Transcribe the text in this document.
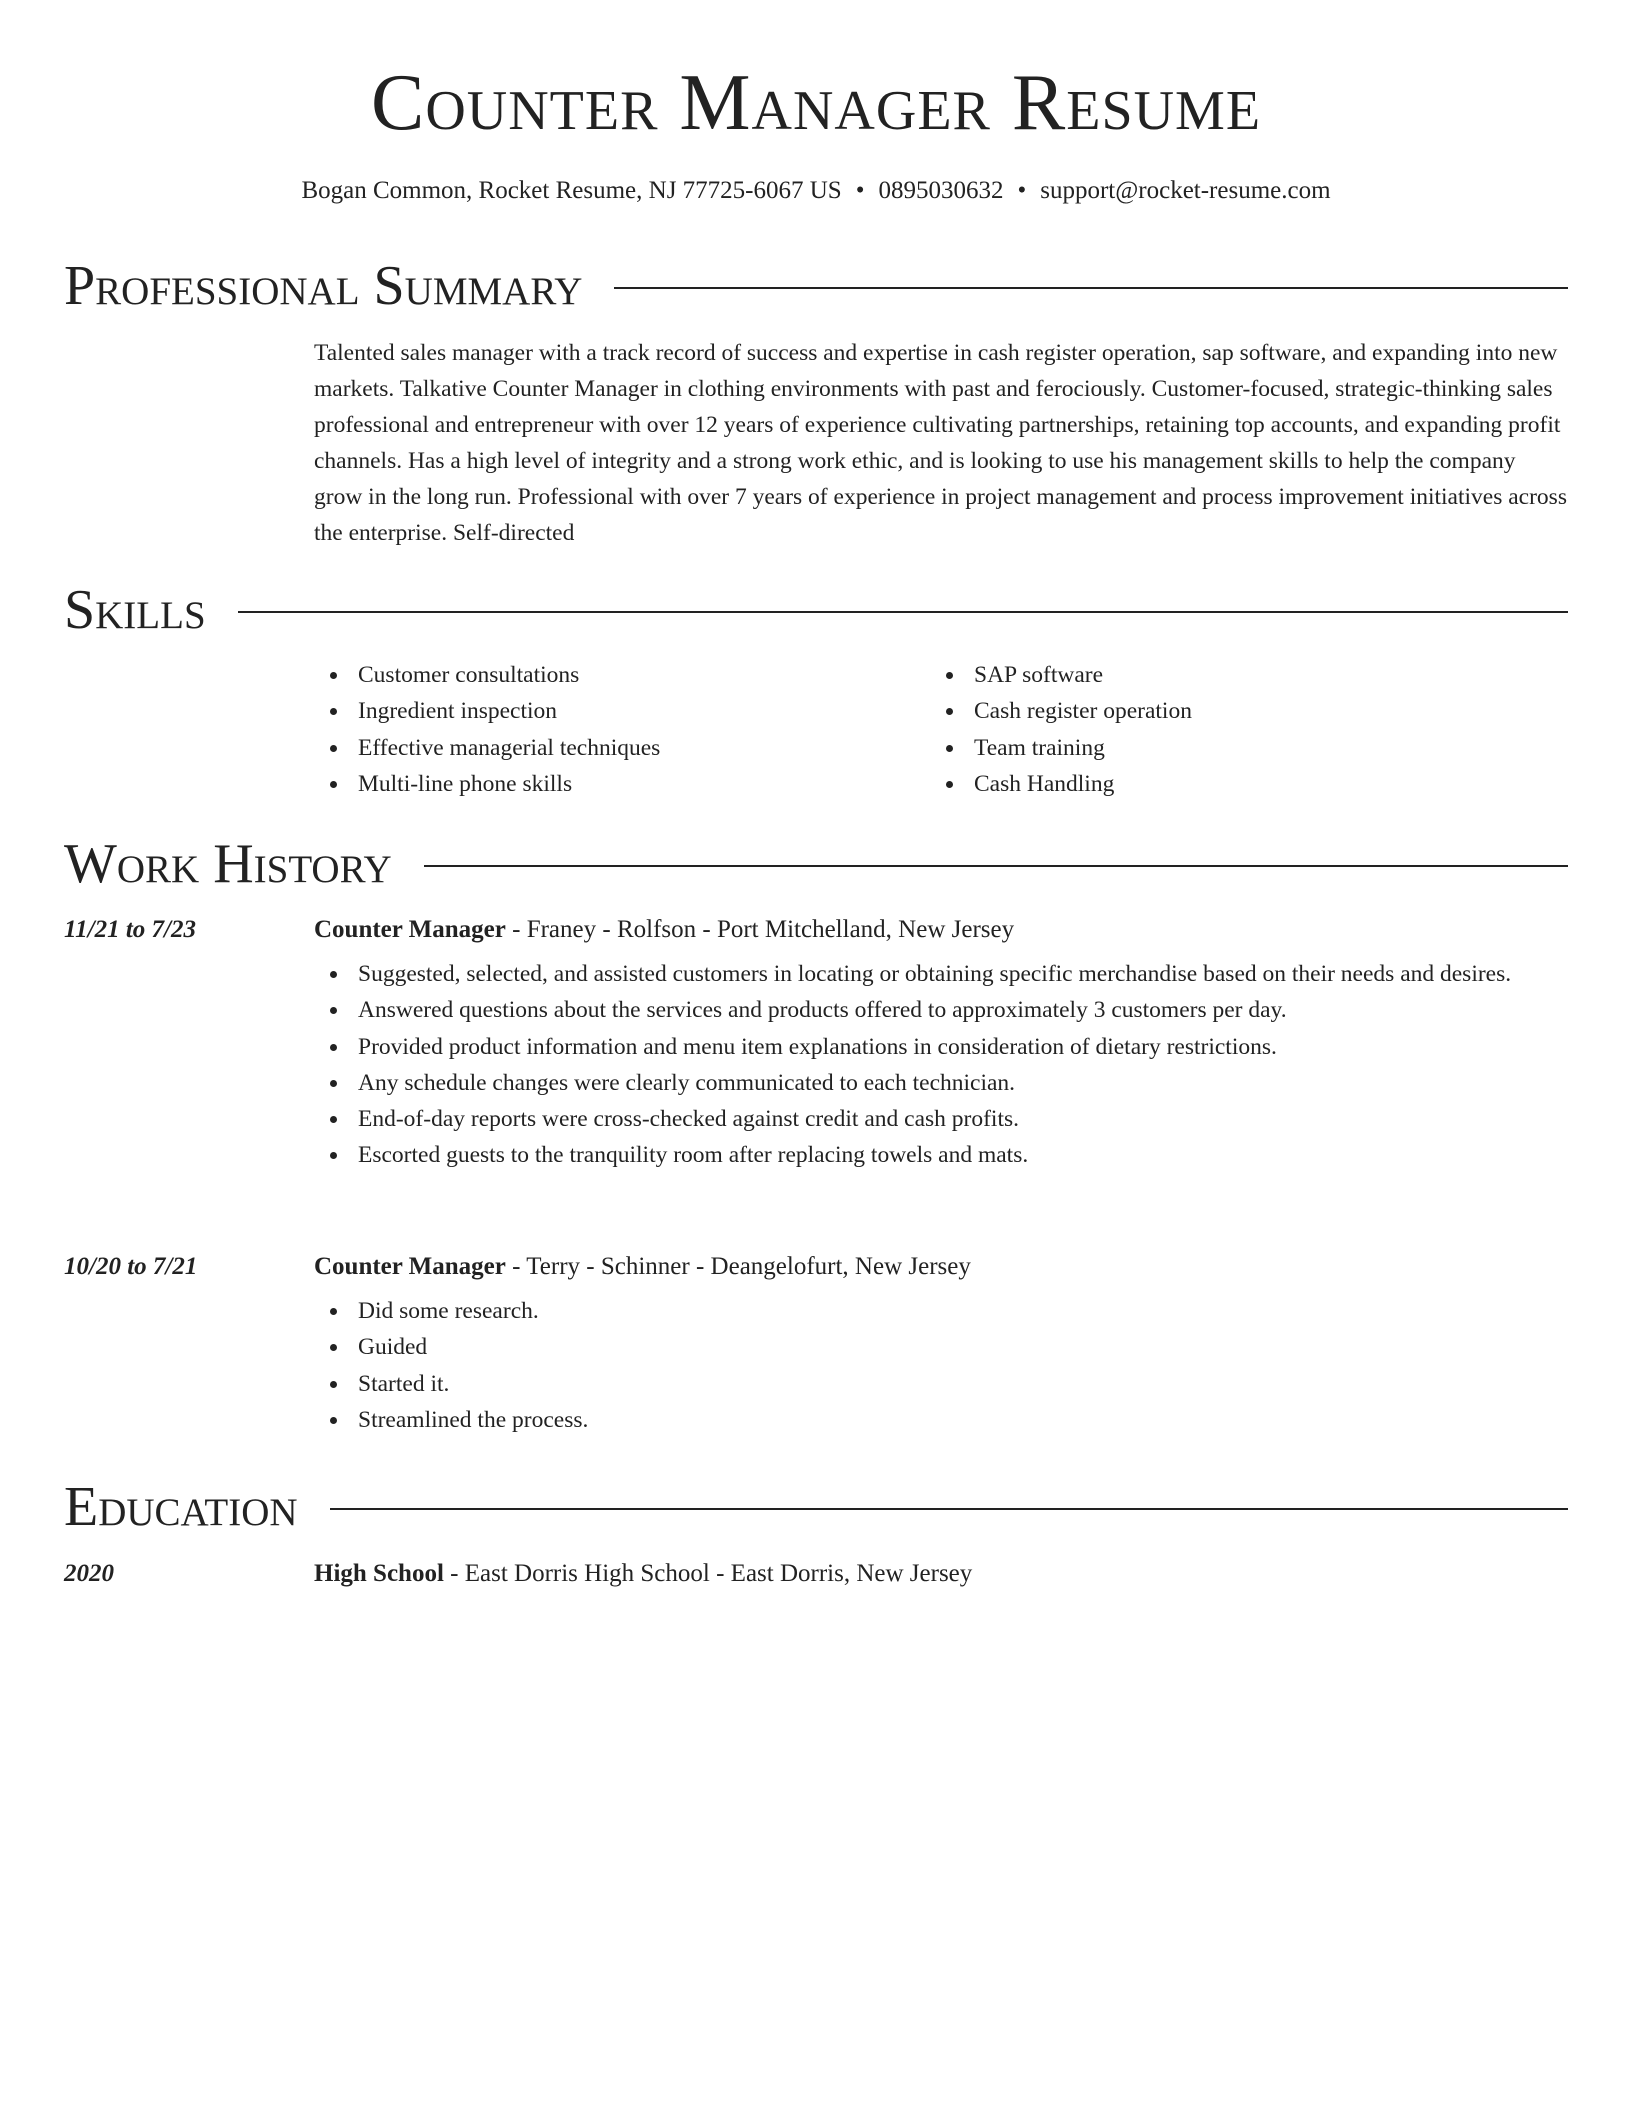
Counter Manager Resume
Bogan Common, Rocket Resume, NJ 77725-6067 US • 0895030632 • support@rocket-resume.com
Professional Summary
Talented sales manager with a track record of success and expertise in cash register operation, sap software, and expanding into new markets. Talkative Counter Manager in clothing environments with past and ferociously. Customer-focused, strategic-thinking sales professional and entrepreneur with over 12 years of experience cultivating partnerships, retaining top accounts, and expanding profit channels. Has a high level of integrity and a strong work ethic, and is looking to use his management skills to help the company grow in the long run. Professional with over 7 years of experience in project management and process improvement initiatives across the enterprise. Self-directed
Skills
Customer consultations
Ingredient inspection
Effective managerial techniques
Multi-line phone skills
SAP software
Cash register operation
Team training
Cash Handling
Work History
11/21 to 7/23	Counter Manager - Franey - Rolfson - Port Mitchelland, New Jersey
Suggested, selected, and assisted customers in locating or obtaining specific merchandise based on their needs and desires.
Answered questions about the services and products offered to approximately 3 customers per day.
Provided product information and menu item explanations in consideration of dietary restrictions.
Any schedule changes were clearly communicated to each technician.
End-of-day reports were cross-checked against credit and cash profits.
Escorted guests to the tranquility room after replacing towels and mats.
10/20 to 7/21	Counter Manager - Terry - Schinner - Deangelofurt, New Jersey
Did some research.
Guided
Started it.
Streamlined the process.
Education
2020	High School - East Dorris High School - East Dorris, New Jersey
